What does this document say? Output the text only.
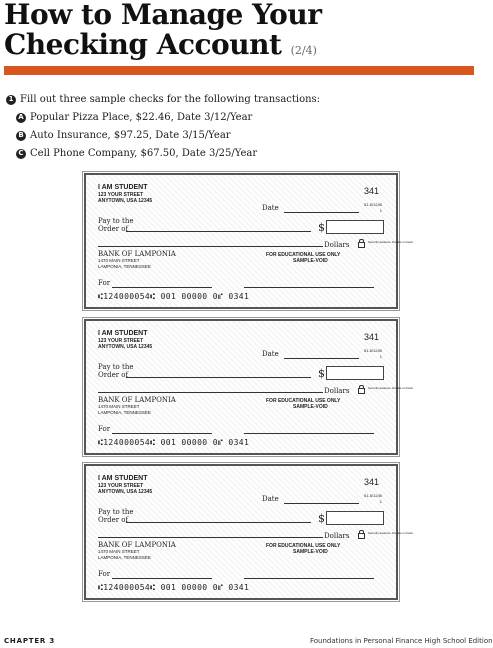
How to Manage Your
Checking Account (2/4)
1 Fill out three sample checks for the following transactions:
A Popular Pizza Place, $22.46, Date 3/12/Year
B Auto Insurance, $97.25, Date 3/15/Year
C Cell Phone Company, $67.50, Date 3/25/Year
I AM STUDENT
123 YOUR STREET
ANYTOWN, USA 12345
341
Date	51-5/1240
1
Pay to the
Order of	$
Dollars	Security features. Details on back.
BANK OF LAMPONIA
1470 MAIN STREET
LAMPONIA, TENNESSEE
FOR EDUCATIONAL USE ONLY
SAMPLE-VOID
For
⑆124000054⑆ 001 00000 0⑈ 0341
I AM STUDENT
123 YOUR STREET
ANYTOWN, USA 12345
341
Date	51-5/1240
1
Pay to the
Order of	$
Dollars	Security features. Details on back.
BANK OF LAMPONIA
1470 MAIN STREET
LAMPONIA, TENNESSEE
FOR EDUCATIONAL USE ONLY
SAMPLE-VOID
For
⑆124000054⑆ 001 00000 0⑈ 0341
I AM STUDENT
123 YOUR STREET
ANYTOWN, USA 12345
341
Date	51-5/1240
1
Pay to the
Order of	$
Dollars	Security features. Details on back.
BANK OF LAMPONIA
1470 MAIN STREET
LAMPONIA, TENNESSEE
FOR EDUCATIONAL USE ONLY
SAMPLE-VOID
For
⑆124000054⑆ 001 00000 0⑈ 0341
CHAPTER 3	Foundations in Personal Finance High School Edition
